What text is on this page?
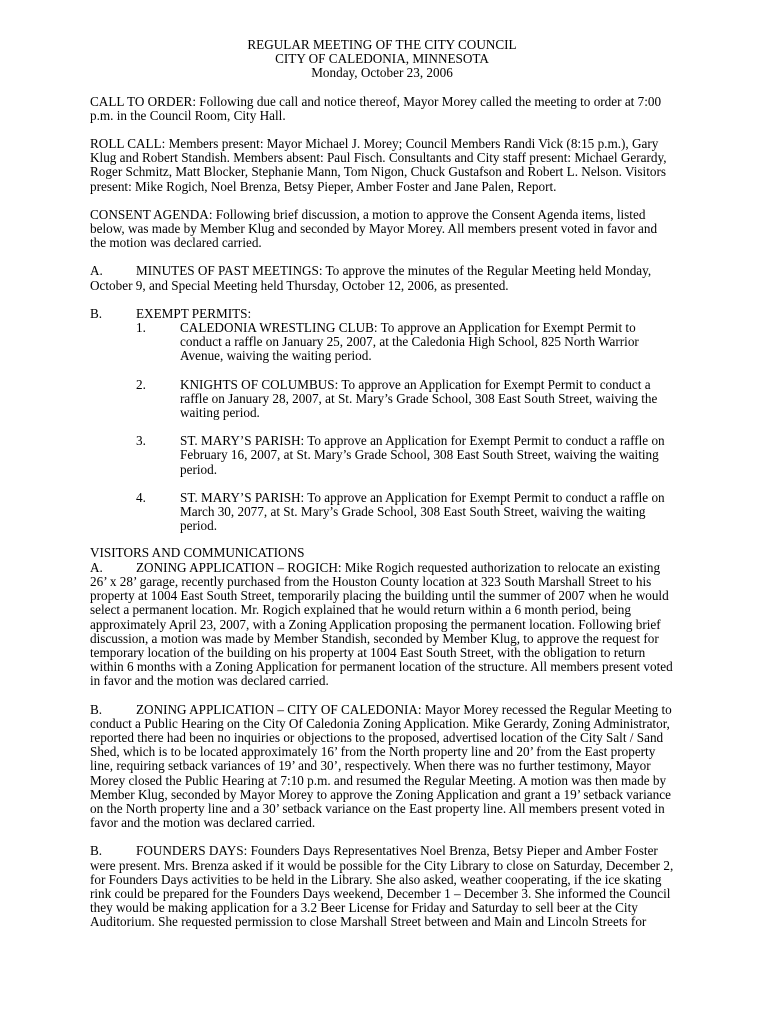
REGULAR MEETING OF THE CITY COUNCIL
CITY OF CALEDONIA, MINNESOTA
Monday, October 23, 2006

CALL TO ORDER: Following due call and notice thereof, Mayor Morey called the meeting to order at 7:00 p.m. in the Council Room, City Hall.

ROLL CALL: Members present: Mayor Michael J. Morey; Council Members Randi Vick (8:15 p.m.), Gary Klug and Robert Standish. Members absent: Paul Fisch. Consultants and City staff present: Michael Gerardy, Roger Schmitz, Matt Blocker, Stephanie Mann, Tom Nigon, Chuck Gustafson and Robert L. Nelson. Visitors present: Mike Rogich, Noel Brenza, Betsy Pieper, Amber Foster and Jane Palen, Report.

CONSENT AGENDA: Following brief discussion, a motion to approve the Consent Agenda items, listed below, was made by Member Klug and seconded by Mayor Morey. All members present voted in favor and the motion was declared carried.

A.	MINUTES OF PAST MEETINGS: To approve the minutes of the Regular Meeting held Monday, October 9, and Special Meeting held Thursday, October 12, 2006, as presented.
B.	EXEMPT PERMITS:
1.	CALEDONIA WRESTLING CLUB: To approve an Application for Exempt Permit to conduct a raffle on January 25, 2007, at the Caledonia High School, 825 North Warrior Avenue, waiving the waiting period.
2.	KNIGHTS OF COLUMBUS: To approve an Application for Exempt Permit to conduct a raffle on January 28, 2007, at St. Mary’s Grade School, 308 East South Street, waiving the waiting period.
3.	ST. MARY’S PARISH: To approve an Application for Exempt Permit to conduct a raffle on February 16, 2007, at St. Mary’s Grade School, 308 East South Street, waiving the waiting period.
4.	ST. MARY’S PARISH: To approve an Application for Exempt Permit to conduct a raffle on March 30, 2077, at St. Mary’s Grade School, 308 East South Street, waiving the waiting period.
VISITORS AND COMMUNICATIONS

A.	ZONING APPLICATION – ROGICH: Mike Rogich requested authorization to relocate an existing 26’ x 28’ garage, recently purchased from the Houston County location at 323 South Marshall Street to his property at 1004 East South Street, temporarily placing the building until the summer of 2007 when he would select a permanent location. Mr. Rogich explained that he would return within a 6 month period, being approximately April 23, 2007, with a Zoning Application proposing the permanent location. Following brief discussion, a motion was made by Member Standish, seconded by Member Klug, to approve the request for temporary location of the building on his property at 1004 East South Street, with the obligation to return within 6 months with a Zoning Application for permanent location of the structure. All members present voted in favor and the motion was declared carried.

B.	ZONING APPLICATION – CITY OF CALEDONIA: Mayor Morey recessed the Regular Meeting to conduct a Public Hearing on the City Of Caledonia Zoning Application. Mike Gerardy, Zoning Administrator, reported there had been no inquiries or objections to the proposed, advertised location of the City Salt / Sand Shed, which is to be located approximately 16’ from the North property line and 20’ from the East property line, requiring setback variances of 19’ and 30’, respectively. When there was no further testimony, Mayor Morey closed the Public Hearing at 7:10 p.m. and resumed the Regular Meeting. A motion was then made by Member Klug, seconded by Mayor Morey to approve the Zoning Application and grant a 19’ setback variance on the North property line and a 30’ setback variance on the East property line. All members present voted in favor and the motion was declared carried.

B.	FOUNDERS DAYS: Founders Days Representatives Noel Brenza, Betsy Pieper and Amber Foster were present. Mrs. Brenza asked if it would be possible for the City Library to close on Saturday, December 2, for Founders Days activities to be held in the Library. She also asked, weather cooperating, if the ice skating rink could be prepared for the Founders Days weekend, December 1 – December 3. She informed the Council they would be making application for a 3.2 Beer License for Friday and Saturday to sell beer at the City Auditorium. She requested permission to close Marshall Street between and Main and Lincoln Streets for
